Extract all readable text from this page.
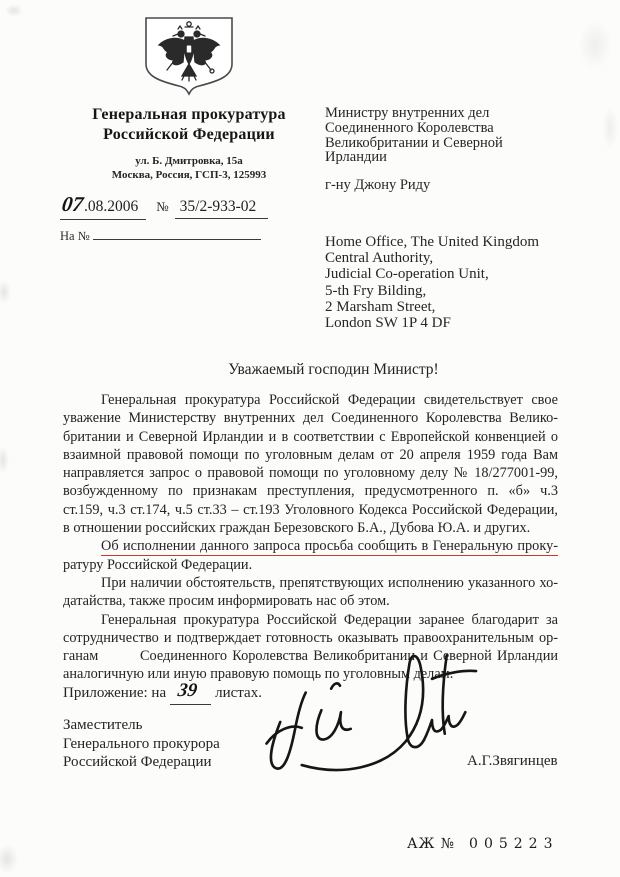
Генеральная прокуратура
Российской Федерации
ул. Б. Дмитровка, 15а
Москва, Россия, ГСП-3, 125993
07.08.2006 № 35/2-933-02
На №
Министру внутренних дел
Соединенного Королевства
Великобритании и Северной
Ирландии
г-ну Джону Риду
Home Office, The United Kingdom
Central Authority,
Judicial Co-operation Unit,
5-th Fry Bilding,
2 Marsham Street,
London SW 1P 4 DF
Уважаемый господин Министр!
Генеральная прокуратура Российской Федерации свидетельствует свое
уважение Министерству внутренних дел Соединенного Королевства Велико-
британии и Северной Ирландии и в соответствии с Европейской конвенцией о
взаимной правовой помощи по уголовным делам от 20 апреля 1959 года Вам
направляется запрос о правовой помощи по уголовному делу № 18/277001-99,
возбужденному по признакам преступления, предусмотренного п. «б» ч.3
ст.159, ч.3 ст.174, ч.5 ст.33 – ст.193 Уголовного Кодекса Российской Федерации,
в отношении российских граждан Березовского Б.А., Дубова Ю.А. и других.
Об исполнении данного запроса просьба сообщить в Генеральную проку-
ратуру Российской Федерации.
При наличии обстоятельств, препятствующих исполнению указанного хо-
датайства, также просим информировать нас об этом.
Генеральная прокуратура Российской Федерации заранее благодарит за
сотрудничество и подтверждает готовность оказывать правоохранительным ор-
ганам        Соединенного Королевства Великобритании и Северной Ирландии
аналогичную или иную правовую помощь по уголовным делам.
Приложение: на 39 листах.
Заместитель
Генерального прокурора
Российской Федерации	А.Г.Звягинцев
АЖ № 005223
